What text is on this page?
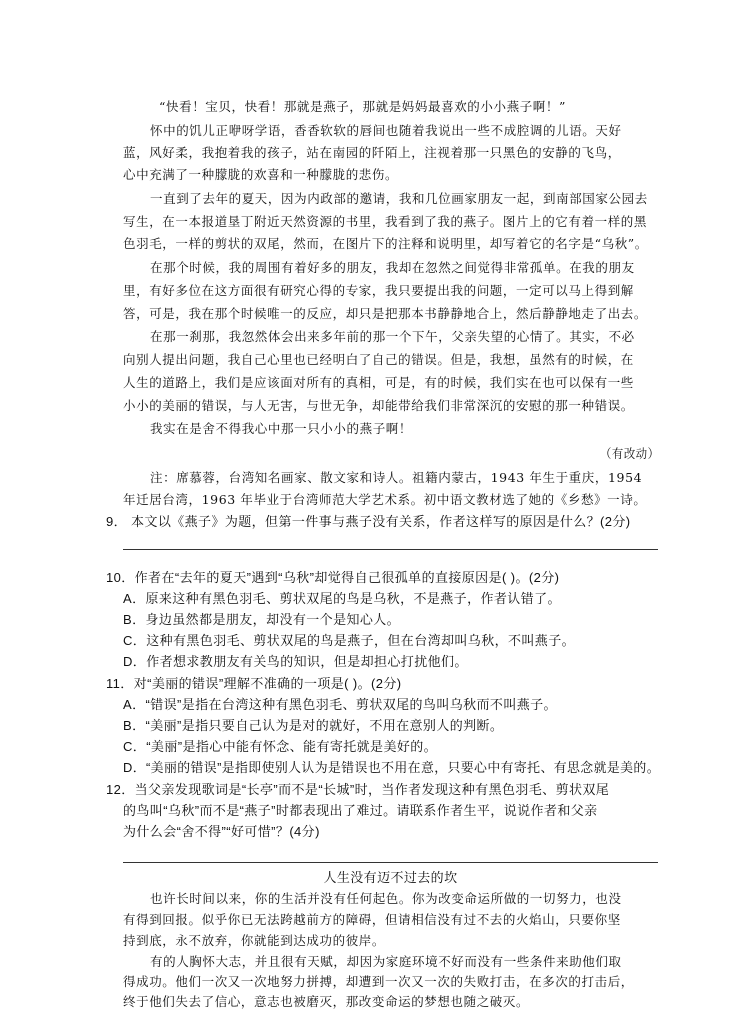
“快看！宝贝，快看！那就是燕子，那就是妈妈最喜欢的小小燕子啊！”
怀中的饥儿正咿呀学语，香香软软的唇间也随着我说出一些不成腔调的儿语。天好
蓝，风好柔，我抱着我的孩子，站在南园的阡陌上，注视着那一只黑色的安静的飞鸟，
心中充满了一种朦胧的欢喜和一种朦胧的悲伤。
一直到了去年的夏天，因为内政部的邀请，我和几位画家朋友一起，到南部国家公园去
写生，在一本报道垦丁附近天然资源的书里，我看到了我的燕子。图片上的它有着一样的黑
色羽毛，一样的剪状的双尾，然而，在图片下的注释和说明里，却写着它的名字是“乌秋”。
在那个时候，我的周围有着好多的朋友，我却在忽然之间觉得非常孤单。在我的朋友
里，有好多位在这方面很有研究心得的专家，我只要提出我的问题，一定可以马上得到解
答，可是，我在那个时候唯一的反应，却只是把那本书静静地合上，然后静静地走了出去。
在那一刹那，我忽然体会出来多年前的那一个下午，父亲失望的心情了。其实，不必
向别人提出问题，我自己心里也已经明白了自己的错误。但是，我想，虽然有的时候，在
人生的道路上，我们是应该面对所有的真相，可是，有的时候，我们实在也可以保有一些
小小的美丽的错误，与人无害，与世无争，却能带给我们非常深沉的安慰的那一种错误。
我实在是舍不得我心中那一只小小的燕子啊！
（有改动）
注：席慕蓉，台湾知名画家、散文家和诗人。祖籍内蒙古，1943 年生于重庆，1954
年迁居台湾，1963 年毕业于台湾师范大学艺术系。初中语文教材选了她的《乡愁》一诗。
9． 本文以《燕子》为题，但第一件事与燕子没有关系，作者这样写的原因是什么？(2分)
10．作者在“去年的夏天”遇到“乌秋”却觉得自己很孤单的直接原因是( )。(2分)
A．原来这种有黑色羽毛、剪状双尾的鸟是乌秋，不是燕子，作者认错了。
B．身边虽然都是朋友，却没有一个是知心人。
C．这种有黑色羽毛、剪状双尾的鸟是燕子，但在台湾却叫乌秋，不叫燕子。
D．作者想求教朋友有关鸟的知识，但是却担心打扰他们。
11．对“美丽的错误”理解不准确的一项是( )。(2分)
A．“错误”是指在台湾这种有黑色羽毛、剪状双尾的鸟叫乌秋而不叫燕子。
B．“美丽”是指只要自己认为是对的就好，不用在意别人的判断。
C．“美丽”是指心中能有怀念、能有寄托就是美好的。
D．“美丽的错误”是指即使别人认为是错误也不用在意，只要心中有寄托、有思念就是美的。
12．当父亲发现歌词是“长亭”而不是“长城”时，当作者发现这种有黑色羽毛、剪状双尾
的鸟叫“乌秋”而不是“燕子”时都表现出了难过。请联系作者生平，说说作者和父亲
为什么会“舍不得”“好可惜”？(4分)
人生没有迈不过去的坎
也许长时间以来，你的生活并没有任何起色。你为改变命运所做的一切努力，也没
有得到回报。似乎你已无法跨越前方的障碍，但请相信没有过不去的火焰山，只要你坚
持到底，永不放弃，你就能到达成功的彼岸。
有的人胸怀大志，并且很有天赋，却因为家庭环境不好而没有一些条件来助他们取
得成功。他们一次又一次地努力拼搏，却遭到一次又一次的失败打击，在多次的打击后，
终于他们失去了信心，意志也被磨灭，那改变命运的梦想也随之破灭。
